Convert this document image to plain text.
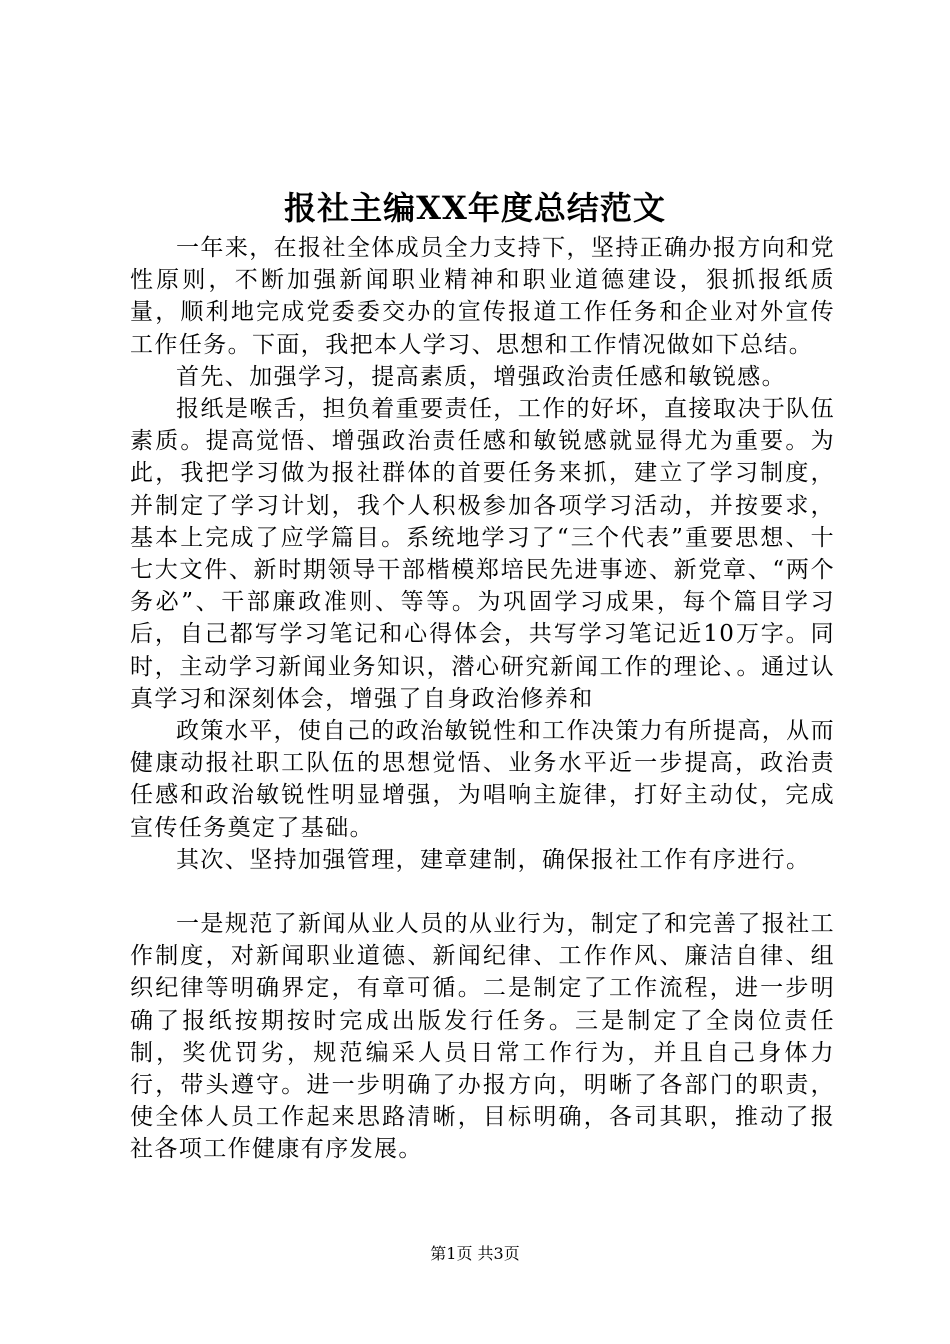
报社主编XX年度总结范文

一年来，在报社全体成员全力支持下，坚持正确办报方向和党性原则，不断加强新闻职业精神和职业道德建设，狠抓报纸质量，顺利地完成党委委交办的宣传报道工作任务和企业对外宣传工作任务。下面，我把本人学习、思想和工作情况做如下总结。

首先、加强学习，提高素质，增强政治责任感和敏锐感。

报纸是喉舌，担负着重要责任，工作的好坏，直接取决于队伍素质。提高觉悟、增强政治责任感和敏锐感就显得尤为重要。为此，我把学习做为报社群体的首要任务来抓，建立了学习制度，并制定了学习计划，我个人积极参加各项学习活动，并按要求，基本上完成了应学篇目。系统地学习了“三个代表”重要思想、十七大文件、新时期领导干部楷模郑培民先进事迹、新党章、“两个务必”、干部廉政准则、等等。为巩固学习成果，每个篇目学习后，自己都写学习笔记和心得体会，共写学习笔记近10万字。同时，主动学习新闻业务知识，潜心研究新闻工作的理论、。通过认真学习和深刻体会，增强了自身政治修养和

政策水平，使自己的政治敏锐性和工作决策力有所提高，从而健康动报社职工队伍的思想觉悟、业务水平近一步提高，政治责任感和政治敏锐性明显增强，为唱响主旋律，打好主动仗，完成宣传任务奠定了基础。

其次、坚持加强管理，建章建制，确保报社工作有序进行。

一是规范了新闻从业人员的从业行为，制定了和完善了报社工作制度，对新闻职业道德、新闻纪律、工作作风、廉洁自律、组织纪律等明确界定，有章可循。二是制定了工作流程，进一步明确了报纸按期按时完成出版发行任务。三是制定了全岗位责任制，奖优罚劣，规范编采人员日常工作行为，并且自己身体力行，带头遵守。进一步明确了办报方向，明晰了各部门的职责，使全体人员工作起来思路清晰，目标明确，各司其职，推动了报社各项工作健康有序发展。

第1页 共3页
